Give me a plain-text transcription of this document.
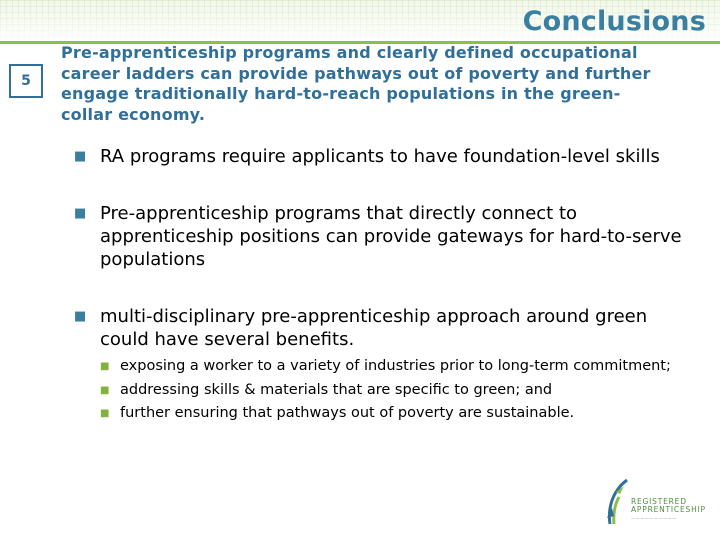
Conclusions
5
Pre-apprenticeship programs and clearly defined occupational career ladders can provide pathways out of poverty and further engage traditionally hard-to-reach populations in the green-collar economy.
■ RA programs require applicants to have foundation-level skills
■ Pre-apprenticeship programs that directly connect to apprenticeship positions can provide gateways for hard-to-serve populations
■ multi-disciplinary pre-apprenticeship approach around green could have several benefits.
■ exposing a worker to a variety of industries prior to long-term commitment;
■ addressing skills & materials that are specific to green; and
■ further ensuring that pathways out of poverty are sustainable.
REGISTERED
APPRENTICESHIP
——————————
